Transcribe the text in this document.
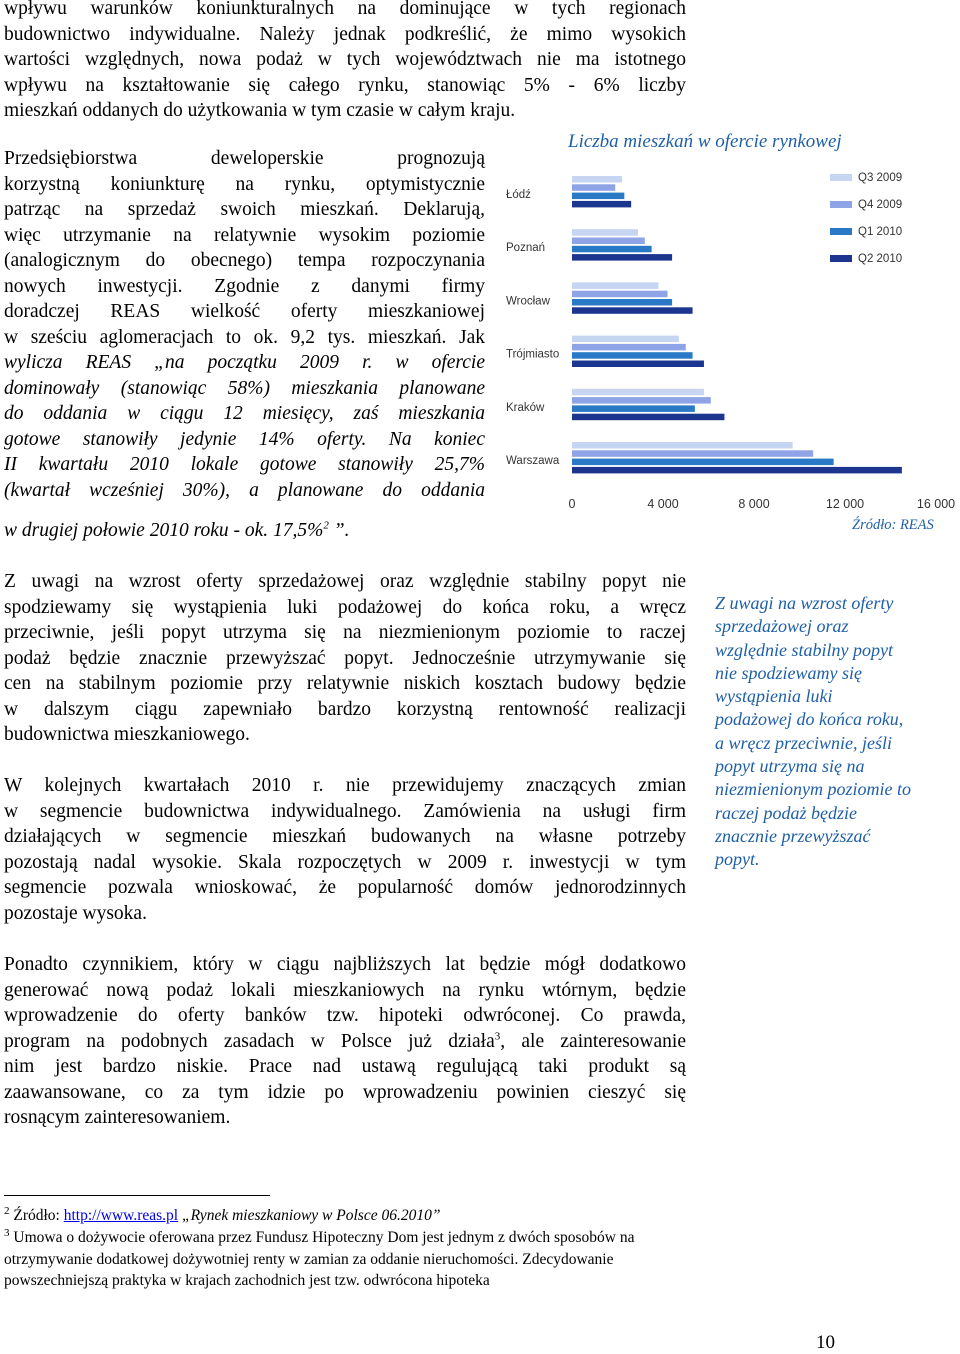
wpływu warunków koniunkturalnych na dominujące w tych regionach
budownictwo indywidualne. Należy jednak podkreślić, że mimo wysokich
wartości względnych, nowa podaż w tych województwach nie ma istotnego
wpływu na kształtowanie się całego rynku, stanowiąc 5% - 6% liczby
mieszkań oddanych do użytkowania w tym czasie w całym kraju.
Przedsiębiorstwa deweloperskie prognozują
korzystną koniunkturę na rynku, optymistycznie
patrząc na sprzedaż swoich mieszkań. Deklarują,
więc utrzymanie na relatywnie wysokim poziomie
(analogicznym do obecnego) tempa rozpoczynania
nowych inwestycji. Zgodnie z danymi firmy
doradczej REAS wielkość oferty mieszkaniowej
w sześciu aglomeracjach to ok. 9,2 tys. mieszkań. Jak
wylicza REAS „na początku 2009 r. w ofercie
dominowały (stanowiąc 58%) mieszkania planowane
do oddania w ciągu 12 miesięcy, zaś mieszkania
gotowe stanowiły jedynie 14% oferty. Na koniec
II kwartału 2010 lokale gotowe stanowiły 25,7%
(kwartał wcześniej 30%), a planowane do oddania
w drugiej połowie 2010 roku - ok. 17,5%$^2$ ”.
Liczba mieszkań w ofercie rynkowej
Łódź
Poznań
Wrocław
Trójmiasto
Kraków
Warszawa
0	4 000	8 000	12 000	16 000
Q3 2009
Q4 2009
Q1 2010
Q2 2010
Źródło: REAS
Z uwagi na wzrost oferty sprzedażowej oraz względnie stabilny popyt nie
spodziewamy się wystąpienia luki podażowej do końca roku, a wręcz
przeciwnie, jeśli popyt utrzyma się na niezmienionym poziomie to raczej
podaż będzie znacznie przewyższać popyt. Jednocześnie utrzymywanie się
cen na stabilnym poziomie przy relatywnie niskich kosztach budowy będzie
w dalszym ciągu zapewniało bardzo korzystną rentowność realizacji
budownictwa mieszkaniowego.
Z uwagi na wzrost oferty
sprzedażowej oraz
względnie stabilny popyt
nie spodziewamy się
wystąpienia luki
podażowej do końca roku,
a wręcz przeciwnie, jeśli
popyt utrzyma się na
niezmienionym poziomie to
raczej podaż będzie
znacznie przewyższać
popyt.
W kolejnych kwartałach 2010 r. nie przewidujemy znaczących zmian
w segmencie budownictwa indywidualnego. Zamówienia na usługi firm
działających w segmencie mieszkań budowanych na własne potrzeby
pozostają nadal wysokie. Skala rozpoczętych w 2009 r. inwestycji w tym
segmencie pozwala wnioskować, że popularność domów jednorodzinnych
pozostaje wysoka.
Ponadto czynnikiem, który w ciągu najbliższych lat będzie mógł dodatkowo
generować nową podaż lokali mieszkaniowych na rynku wtórnym, będzie
wprowadzenie do oferty banków tzw. hipoteki odwróconej. Co prawda,
program na podobnych zasadach w Polsce już działa$^3$, ale zainteresowanie
nim jest bardzo niskie. Prace nad ustawą regulującą taki produkt są
zaawansowane, co za tym idzie po wprowadzeniu powinien cieszyć się
rosnącym zainteresowaniem.
$^2$ Źródło: http://www.reas.pl „Rynek mieszkaniowy w Polsce 06.2010”
$^3$ Umowa o dożywocie oferowana przez Fundusz Hipoteczny Dom jest jednym z dwóch sposobów na
otrzymywanie dodatkowej dożywotniej renty w zamian za oddanie nieruchomości. Zdecydowanie
powszechniejszą praktyka w krajach zachodnich jest tzw. odwrócona hipoteka
10
